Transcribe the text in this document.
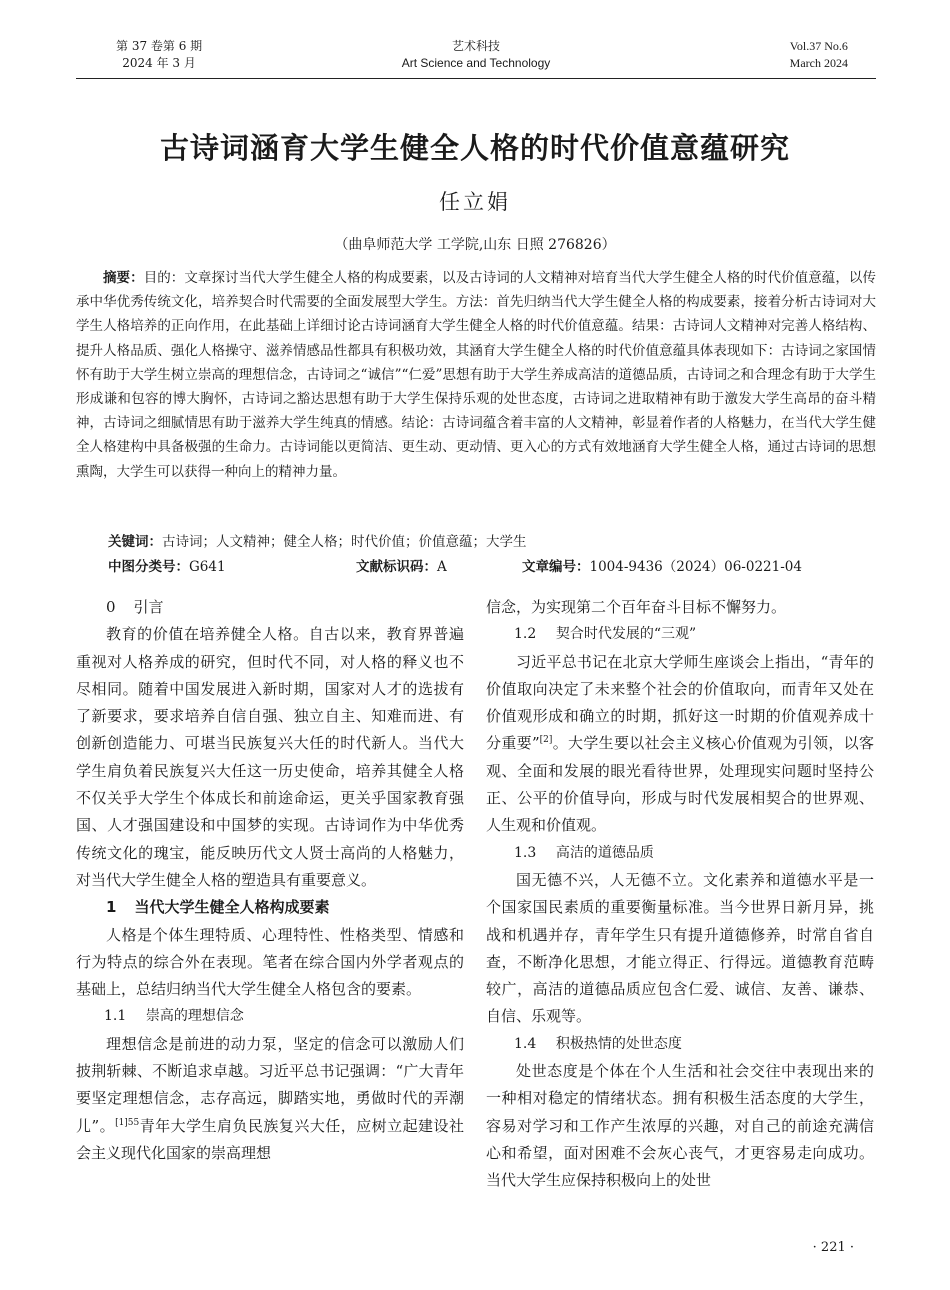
第 37 卷第 6 期
2024 年 3 月
艺术科技
Art Science and Technology
Vol.37 No.6
March 2024
古诗词涵育大学生健全人格的时代价值意蕴研究
任立娟
（曲阜师范大学 工学院,山东 日照 276826）

摘要：目的：文章探讨当代大学生健全人格的构成要素，以及古诗词的人文精神对培育当代大学生健全人格的时代价值意蕴，以传承中华优秀传统文化，培养契合时代需要的全面发展型大学生。方法：首先归纳当代大学生健全人格的构成要素，接着分析古诗词对大学生人格培养的正向作用，在此基础上详细讨论古诗词涵育大学生健全人格的时代价值意蕴。结果：古诗词人文精神对完善人格结构、提升人格品质、强化人格操守、滋养情感品性都具有积极功效，其涵育大学生健全人格的时代价值意蕴具体表现如下：古诗词之家国情怀有助于大学生树立崇高的理想信念，古诗词之“诚信”“仁爱”思想有助于大学生养成高洁的道德品质，古诗词之和合理念有助于大学生形成谦和包容的博大胸怀，古诗词之豁达思想有助于大学生保持乐观的处世态度，古诗词之进取精神有助于激发大学生高昂的奋斗精神，古诗词之细腻情思有助于滋养大学生纯真的情感。结论：古诗词蕴含着丰富的人文精神，彰显着作者的人格魅力，在当代大学生健全人格建构中具备极强的生命力。古诗词能以更简洁、更生动、更动情、更入心的方式有效地涵育大学生健全人格，通过古诗词的思想熏陶，大学生可以获得一种向上的精神力量。

关键词：古诗词；人文精神；健全人格；时代价值；价值意蕴；大学生
中图分类号：G641	文献标识码：A	文章编号：1004-9436（2024）06-0221-04
0 引言

教育的价值在培养健全人格。自古以来，教育界普遍重视对人格养成的研究，但时代不同，对人格的释义也不尽相同。随着中国发展进入新时期，国家对人才的选拔有了新要求，要求培养自信自强、独立自主、知难而进、有创新创造能力、可堪当民族复兴大任的时代新人。当代大学生肩负着民族复兴大任这一历史使命，培养其健全人格不仅关乎大学生个体成长和前途命运，更关乎国家教育强国、人才强国建设和中国梦的实现。古诗词作为中华优秀传统文化的瑰宝，能反映历代文人贤士高尚的人格魅力，对当代大学生健全人格的塑造具有重要意义。

1 当代大学生健全人格构成要素

人格是个体生理特质、心理特性、性格类型、情感和行为特点的综合外在表现。笔者在综合国内外学者观点的基础上，总结归纳当代大学生健全人格包含的要素。

1.1 崇高的理想信念

理想信念是前进的动力泵，坚定的信念可以激励人们披荆斩棘、不断追求卓越。习近平总书记强调：“广大青年要坚定理想信念，志存高远，脚踏实地，勇做时代的弄潮儿”。$^{[1]55}$青年大学生肩负民族复兴大任，应树立起建设社会主义现代化国家的崇高理想

信念，为实现第二个百年奋斗目标不懈努力。

1.2 契合时代发展的“三观”

习近平总书记在北京大学师生座谈会上指出，“青年的价值取向决定了未来整个社会的价值取向，而青年又处在价值观形成和确立的时期，抓好这一时期的价值观养成十分重要”[2]。大学生要以社会主义核心价值观为引领，以客观、全面和发展的眼光看待世界，处理现实问题时坚持公正、公平的价值导向，形成与时代发展相契合的世界观、人生观和价值观。

1.3 高洁的道德品质

国无德不兴，人无德不立。文化素养和道德水平是一个国家国民素质的重要衡量标准。当今世界日新月异，挑战和机遇并存，青年学生只有提升道德修养，时常自省自查，不断净化思想，才能立得正、行得远。道德教育范畴较广，高洁的道德品质应包含仁爱、诚信、友善、谦恭、自信、乐观等。

1.4 积极热情的处世态度

处世态度是个体在个人生活和社会交往中表现出来的一种相对稳定的情绪状态。拥有积极生活态度的大学生，容易对学习和工作产生浓厚的兴趣，对自己的前途充满信心和希望，面对困难不会灰心丧气，才更容易走向成功。当代大学生应保持积极向上的处世

· 221 ·
